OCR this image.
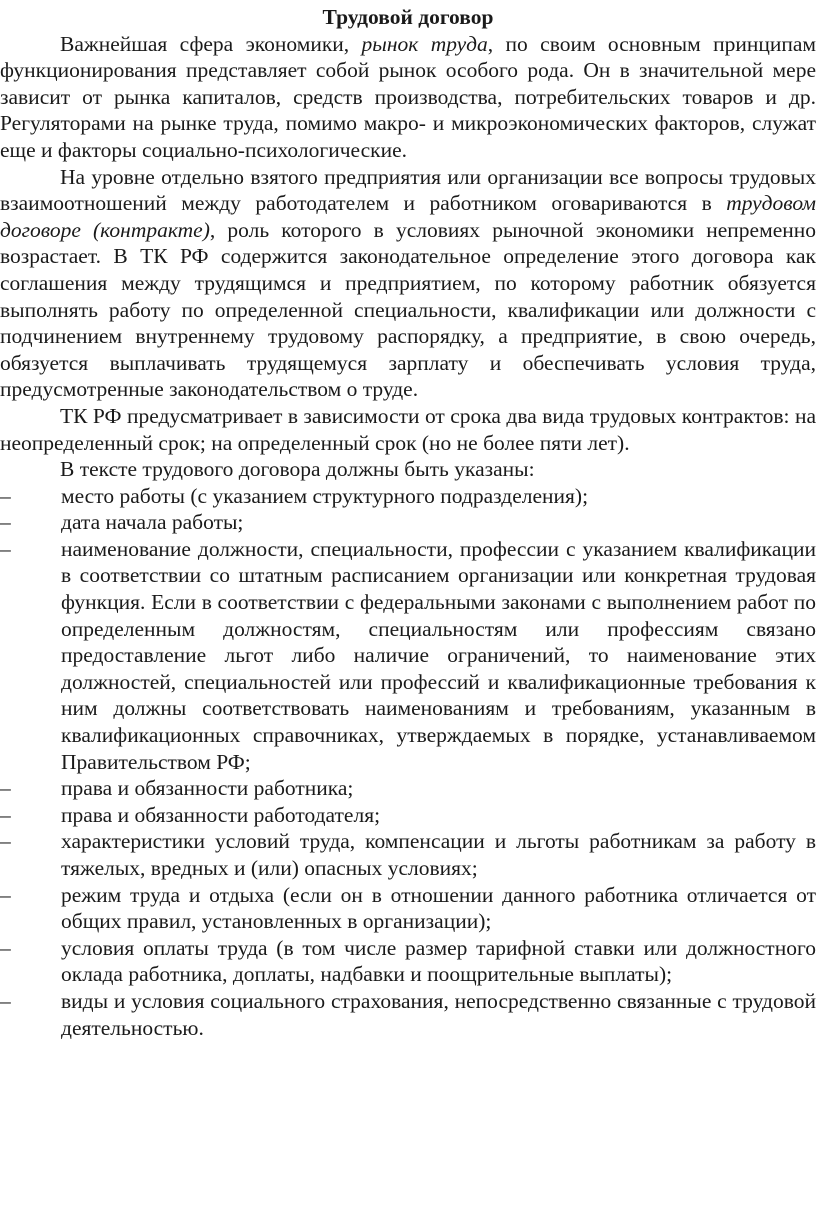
Трудовой договор

Важнейшая сфера экономики, рынок труда, по своим основным принципам функционирования представляет собой рынок особого рода. Он в значительной мере зависит от рынка капиталов, средств производства, потребительских товаров и др. Регуляторами на рынке труда, помимо макро- и микроэкономических факторов, служат еще и факторы социально-психологические.

На уровне отдельно взятого предприятия или организации все вопросы трудовых взаимоотношений между работодателем и работником оговариваются в трудовом договоре (контракте), роль которого в условиях рыночной экономики непременно возрастает. В ТК РФ содержится законодательное определение этого договора как соглашения между трудящимся и предприятием, по которому работник обязуется выполнять работу по определенной специальности, квалификации или должности с подчинением внутреннему трудовому распорядку, а предприятие, в свою очередь, обязуется выплачивать трудящемуся зарплату и обеспечивать условия труда, предусмотренные законодательством о труде.

ТК РФ предусматривает в зависимости от срока два вида трудовых контрактов: на неопределенный срок; на определенный срок (но не более пяти лет).

В тексте трудового договора должны быть указаны:

– место работы (с указанием структурного подразделения);
– дата начала работы;
– наименование должности, специальности, профессии с указанием квалификации в соответствии со штатным расписанием организации или конкретная трудовая функция. Если в соответствии с федеральными законами с выполнением работ по определенным должностям, специальностям или профессиям связано предоставление льгот либо наличие ограничений, то наименование этих должностей, специальностей или профессий и квалификационные требования к ним должны соответствовать наименованиям и требованиям, указанным в квалификационных справочниках, утверждаемых в порядке, устанавливаемом Правительством РФ;
– права и обязанности работника;
– права и обязанности работодателя;
– характеристики условий труда, компенсации и льготы работникам за работу в тяжелых, вредных и (или) опасных условиях;
– режим труда и отдыха (если он в отношении данного работника отличается от общих правил, установленных в организации);
– условия оплаты труда (в том числе размер тарифной ставки или должностного оклада работника, доплаты, надбавки и поощрительные выплаты);
– виды и условия социального страхования, непосредственно связанные с трудовой деятельностью.
